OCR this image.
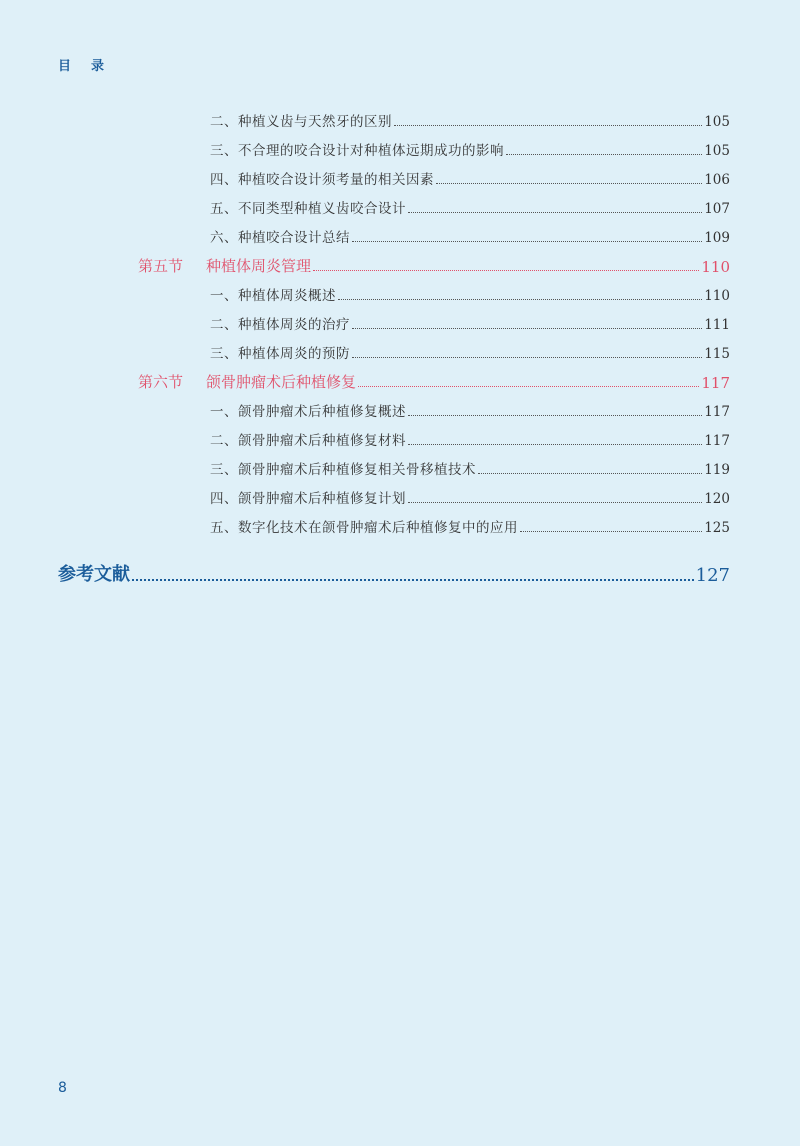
目录
二、种植义齿与天然牙的区别	105
三、不合理的咬合设计对种植体远期成功的影响	105
四、种植咬合设计须考量的相关因素	106
五、不同类型种植义齿咬合设计	107
六、种植咬合设计总结	109
第五节 种植体周炎管理	110
一、种植体周炎概述	110
二、种植体周炎的治疗	111
三、种植体周炎的预防	115
第六节 颌骨肿瘤术后种植修复	117
一、颌骨肿瘤术后种植修复概述	117
二、颌骨肿瘤术后种植修复材料	117
三、颌骨肿瘤术后种植修复相关骨移植技术	119
四、颌骨肿瘤术后种植修复计划	120
五、数字化技术在颌骨肿瘤术后种植修复中的应用	125
参考文献	127
8
